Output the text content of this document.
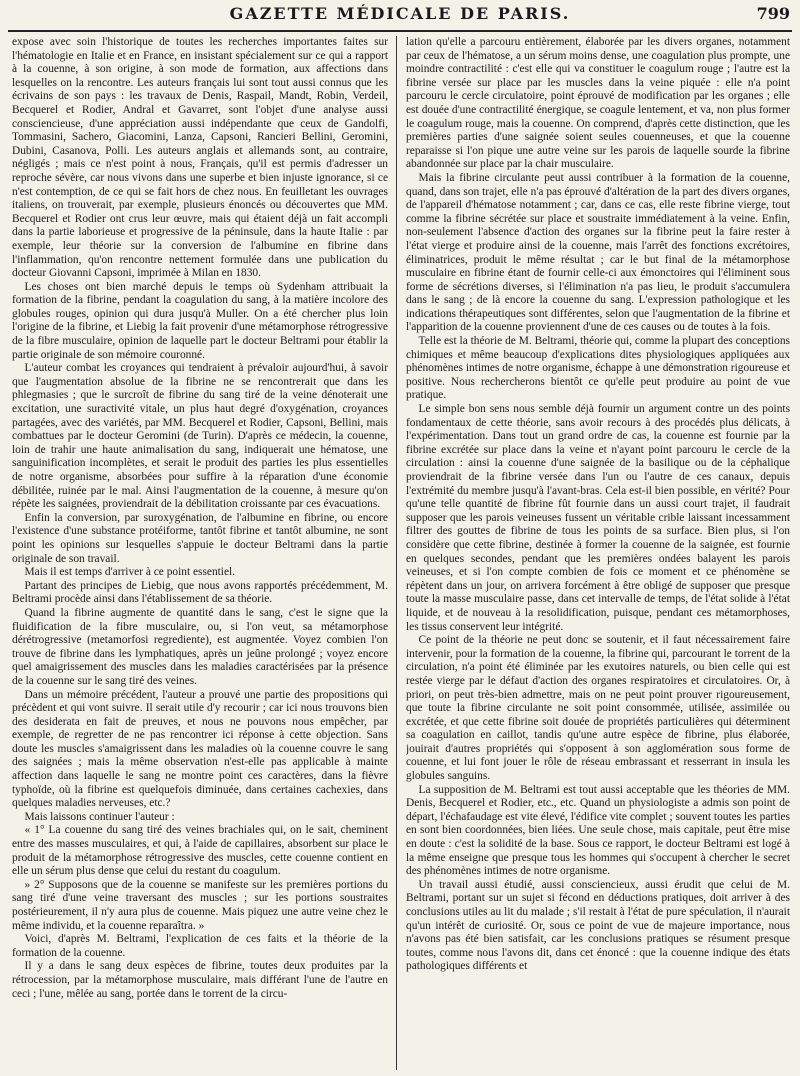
GAZETTE MÉDICALE DE PARIS.	799

expose avec soin l'historique de toutes les recherches importantes faites sur l'hématologie en Italie et en France, en insistant spécialement sur ce qui a rapport à la couenne, à son origine, à son mode de formation, aux affections dans lesquelles on la rencontre. Les auteurs français lui sont tout aussi connus que les écrivains de son pays : les travaux de Denis, Raspail, Mandt, Robin, Verdeil, Becquerel et Rodier, Andral et Gavarret, sont l'objet d'une analyse aussi consciencieuse, d'une appréciation aussi indépendante que ceux de Gandolfi, Tommasini, Sachero, Giacomini, Lanza, Capsoni, Rancieri Bellini, Geromini, Dubini, Casanova, Polli. Les auteurs anglais et allemands sont, au contraire, négligés ; mais ce n'est point à nous, Français, qu'il est permis d'adresser un reproche sévère, car nous vivons dans une superbe et bien injuste ignorance, si ce n'est contemption, de ce qui se fait hors de chez nous. En feuilletant les ouvrages italiens, on trouverait, par exemple, plusieurs énoncés ou découvertes que MM. Becquerel et Rodier ont crus leur œuvre, mais qui étaient déjà un fait accompli dans la partie laborieuse et progressive de la péninsule, dans la haute Italie : par exemple, leur théorie sur la conversion de l'albumine en fibrine dans l'inflammation, qu'on rencontre nettement formulée dans une publication du docteur Giovanni Capsoni, imprimée à Milan en 1830.

Les choses ont bien marché depuis le temps où Sydenham attribuait la formation de la fibrine, pendant la coagulation du sang, à la matière incolore des globules rouges, opinion qui dura jusqu'à Muller. On a été chercher plus loin l'origine de la fibrine, et Liebig la fait provenir d'une métamorphose rétrogressive de la fibre musculaire, opinion de laquelle part le docteur Beltrami pour établir la partie originale de son mémoire couronné.

L'auteur combat les croyances qui tendraient à prévaloir aujourd'hui, à savoir que l'augmentation absolue de la fibrine ne se rencontrerait que dans les phlegmasies ; que le surcroît de fibrine du sang tiré de la veine dénoterait une excitation, une suractivité vitale, un plus haut degré d'oxygénation, croyances partagées, avec des variétés, par MM. Becquerel et Rodier, Capsoni, Bellini, mais combattues par le docteur Geromini (de Turin). D'après ce médecin, la couenne, loin de trahir une haute animalisation du sang, indiquerait une hématose, une sanguinification incomplètes, et serait le produit des parties les plus essentielles de notre organisme, absorbées pour suffire à la réparation d'une économie débilitée, ruinée par le mal. Ainsi l'augmentation de la couenne, à mesure qu'on répète les saignées, proviendrait de la débilitation croissante par ces évacuations.

Enfin la conversion, par suroxygénation, de l'albumine en fibrine, ou encore l'existence d'une substance protéiforme, tantôt fibrine et tantôt albumine, ne sont point les opinions sur lesquelles s'appuie le docteur Beltrami dans la partie originale de son travail.

Mais il est temps d'arriver à ce point essentiel.

Partant des principes de Liebig, que nous avons rapportés précédemment, M. Beltrami procède ainsi dans l'établissement de sa théorie.

Quand la fibrine augmente de quantité dans le sang, c'est le signe que la fluidification de la fibre musculaire, ou, si l'on veut, sa métamorphose dérétrogressive (metamorfosi regrediente), est augmentée. Voyez combien l'on trouve de fibrine dans les lymphatiques, après un jeûne prolongé ; voyez encore quel amaigrissement des muscles dans les maladies caractérisées par la présence de la couenne sur le sang tiré des veines.

Dans un mémoire précédent, l'auteur a prouvé une partie des propositions qui précèdent et qui vont suivre. Il serait utile d'y recourir ; car ici nous trouvons bien des desiderata en fait de preuves, et nous ne pouvons nous empêcher, par exemple, de regretter de ne pas rencontrer ici réponse à cette objection. Sans doute les muscles s'amaigrissent dans les maladies où la couenne couvre le sang des saignées ; mais la même observation n'est-elle pas applicable à mainte affection dans laquelle le sang ne montre point ces caractères, dans la fièvre typhoïde, où la fibrine est quelquefois diminuée, dans certaines cachexies, dans quelques maladies nerveuses, etc.?

Mais laissons continuer l'auteur :

« 1° La couenne du sang tiré des veines brachiales qui, on le sait, cheminent entre des masses musculaires, et qui, à l'aide de capillaires, absorbent sur place le produit de la métamorphose rétrogressive des muscles, cette couenne contient en elle un sérum plus dense que celui du restant du coagulum.

» 2° Supposons que de la couenne se manifeste sur les premières portions du sang tiré d'une veine traversant des muscles ; sur les portions soustraites postérieurement, il n'y aura plus de couenne. Mais piquez une autre veine chez le même individu, et la couenne reparaîtra. »

Voici, d'après M. Beltrami, l'explication de ces faits et la théorie de la formation de la couenne.

Il y a dans le sang deux espèces de fibrine, toutes deux produites par la rétrocession, par la métamorphose musculaire, mais différant l'une de l'autre en ceci ; l'une, mêlée au sang, portée dans le torrent de la circu-

lation qu'elle a parcouru entièrement, élaborée par les divers organes, notamment par ceux de l'hématose, a un sérum moins dense, une coagulation plus prompte, une moindre contractilité : c'est elle qui va constituer le coagulum rouge ; l'autre est la fibrine versée sur place par les muscles dans la veine piquée : elle n'a point parcouru le cercle circulatoire, point éprouvé de modification par les organes ; elle est douée d'une contractilité énergique, se coagule lentement, et va, non plus former le coagulum rouge, mais la couenne. On comprend, d'après cette distinction, que les premières parties d'une saignée soient seules couenneuses, et que la couenne reparaisse si l'on pique une autre veine sur les parois de laquelle sourde la fibrine abandonnée sur place par la chair musculaire.

Mais la fibrine circulante peut aussi contribuer à la formation de la couenne, quand, dans son trajet, elle n'a pas éprouvé d'altération de la part des divers organes, de l'appareil d'hématose notamment ; car, dans ce cas, elle reste fibrine vierge, tout comme la fibrine sécrétée sur place et soustraite immédiatement à la veine. Enfin, non-seulement l'absence d'action des organes sur la fibrine peut la faire rester à l'état vierge et produire ainsi de la couenne, mais l'arrêt des fonctions excrétoires, éliminatrices, produit le même résultat ; car le but final de la métamorphose musculaire en fibrine étant de fournir celle-ci aux émonctoires qui l'éliminent sous forme de sécrétions diverses, si l'élimination n'a pas lieu, le produit s'accumulera dans le sang ; de là encore la couenne du sang. L'expression pathologique et les indications thérapeutiques sont différentes, selon que l'augmentation de la fibrine et l'apparition de la couenne proviennent d'une de ces causes ou de toutes à la fois.

Telle est la théorie de M. Beltrami, théorie qui, comme la plupart des conceptions chimiques et même beaucoup d'explications dites physiologiques appliquées aux phénomènes intimes de notre organisme, échappe à une démonstration rigoureuse et positive. Nous rechercherons bientôt ce qu'elle peut produire au point de vue pratique.

Le simple bon sens nous semble déjà fournir un argument contre un des points fondamentaux de cette théorie, sans avoir recours à des procédés plus délicats, à l'expérimentation. Dans tout un grand ordre de cas, la couenne est fournie par la fibrine excrétée sur place dans la veine et n'ayant point parcouru le cercle de la circulation : ainsi la couenne d'une saignée de la basilique ou de la céphalique proviendrait de la fibrine versée dans l'un ou l'autre de ces canaux, depuis l'extrémité du membre jusqu'à l'avant-bras. Cela est-il bien possible, en vérité? Pour qu'une telle quantité de fibrine fût fournie dans un aussi court trajet, il faudrait supposer que les parois veineuses fussent un véritable crible laissant incessamment filtrer des gouttes de fibrine de tous les points de sa surface. Bien plus, si l'on considère que cette fibrine, destinée à former la couenne de la saignée, est fournie en quelques secondes, pendant que les premières ondées balayent les parois veineuses, et si l'on compte combien de fois ce moment et ce phénomène se répètent dans un jour, on arrivera forcément à être obligé de supposer que presque toute la masse musculaire passe, dans cet intervalle de temps, de l'état solide à l'état liquide, et de nouveau à la resolidification, puisque, pendant ces métamorphoses, les tissus conservent leur intégrité.

Ce point de la théorie ne peut donc se soutenir, et il faut nécessairement faire intervenir, pour la formation de la couenne, la fibrine qui, parcourant le torrent de la circulation, n'a point été éliminée par les exutoires naturels, ou bien celle qui est restée vierge par le défaut d'action des organes respiratoires et circulatoires. Or, à priori, on peut très-bien admettre, mais on ne peut point prouver rigoureusement, que toute la fibrine circulante ne soit point consommée, utilisée, assimilée ou excrétée, et que cette fibrine soit douée de propriétés particulières qui déterminent sa coagulation en caillot, tandis qu'une autre espèce de fibrine, plus élaborée, jouirait d'autres propriétés qui s'opposent à son agglomération sous forme de couenne, et lui font jouer le rôle de réseau embrassant et resserrant in insula les globules sanguins.

La supposition de M. Beltrami est tout aussi acceptable que les théories de MM. Denis, Becquerel et Rodier, etc., etc. Quand un physiologiste a admis son point de départ, l'échafaudage est vite élevé, l'édifice vite complet ; souvent toutes les parties en sont bien coordonnées, bien liées. Une seule chose, mais capitale, peut être mise en doute : c'est la solidité de la base. Sous ce rapport, le docteur Beltrami est logé à la même enseigne que presque tous les hommes qui s'occupent à chercher le secret des phénomènes intimes de notre organisme.

Un travail aussi étudié, aussi consciencieux, aussi érudit que celui de M. Beltrami, portant sur un sujet si fécond en déductions pratiques, doit arriver à des conclusions utiles au lit du malade ; s'il restait à l'état de pure spéculation, il n'aurait qu'un intérêt de curiosité. Or, sous ce point de vue de majeure importance, nous n'avons pas été bien satisfait, car les conclusions pratiques se résument presque toutes, comme nous l'avons dit, dans cet énoncé : que la couenne indique des états pathologiques différents et
